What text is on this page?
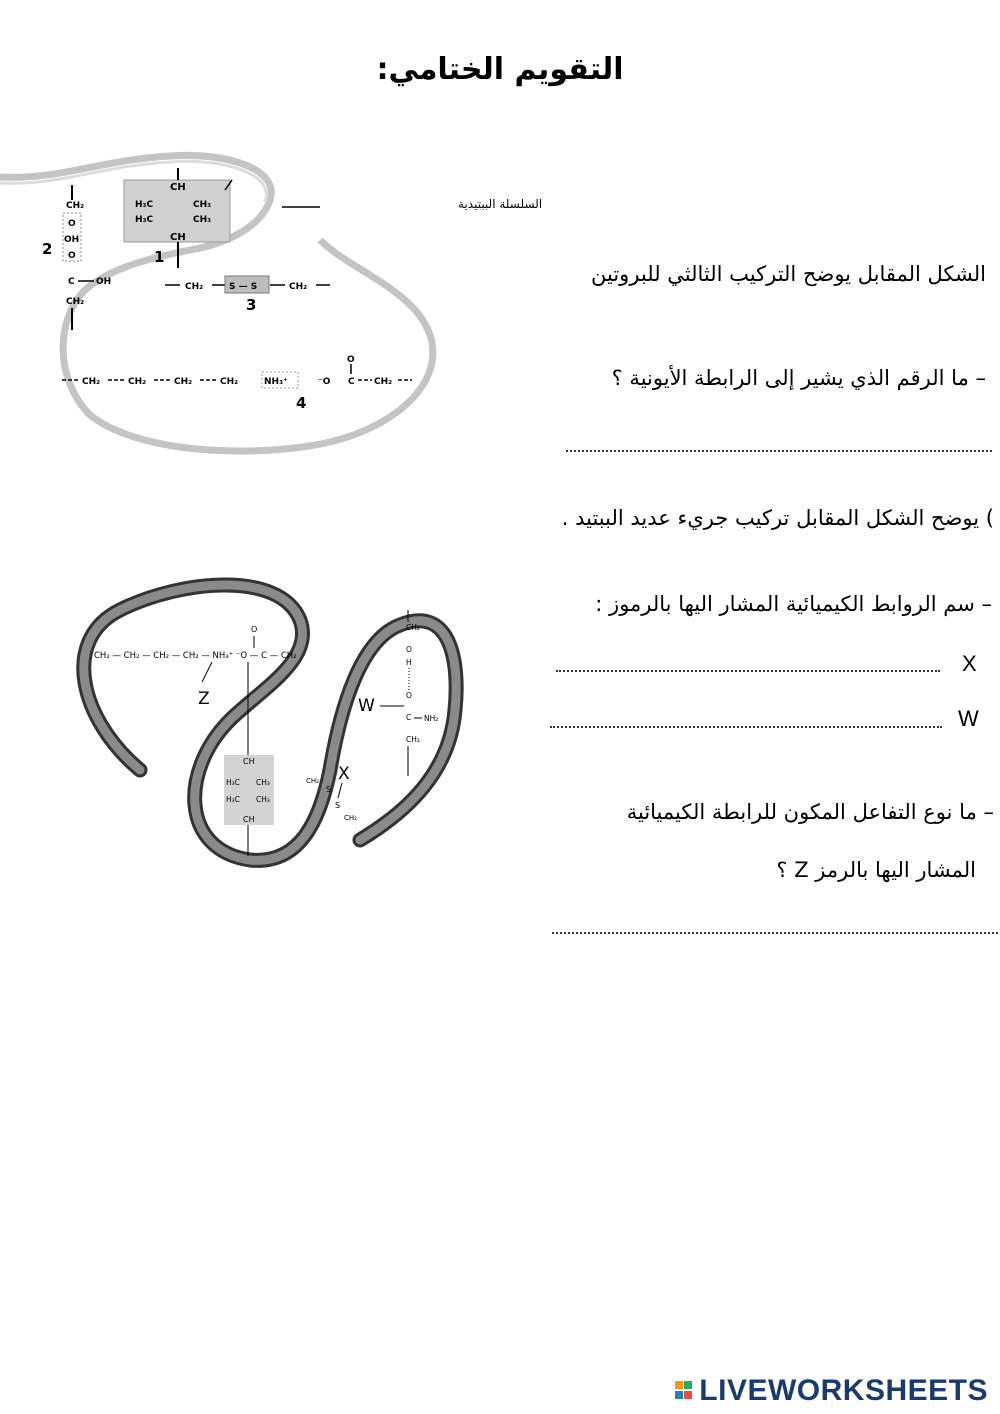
التقويم الختامي:
CH
H₃C	CH₃
H₃C	CH₃
CH
1
CH₂
O
OH
O
C OH
CH₂
2
CH₂	S — S	CH₂
3
CH₂	CH₂	CH₂	CH₂	NH₃⁺	⁻O C
O
CH₂
4
السلسلة الببتيدية
الشكل المقابل يوضح التركيب الثالثي للبروتين
– ما الرقم الذي يشير إلى الرابطة الأيونية ؟
) يوضح الشكل المقابل تركيب جريء عديد الببتيد .
– سم الروابط الكيميائية المشار اليها بالرموز :
X
W
– ما نوع التفاعل المكون للرابطة الكيميائية
المشار اليها بالرمز Z ؟
CH₂ — CH₂ — CH₂ — CH₂ — NH₃⁺ ⁻O — C — CH₂
O
Z
CH
H₃C CH₃
H₃C CH₃
CH
CH₂
O
H
O
C NH₂
CH₂
W
X
CH₂
S
S
CH₂
LIVEWORKSHEETS
